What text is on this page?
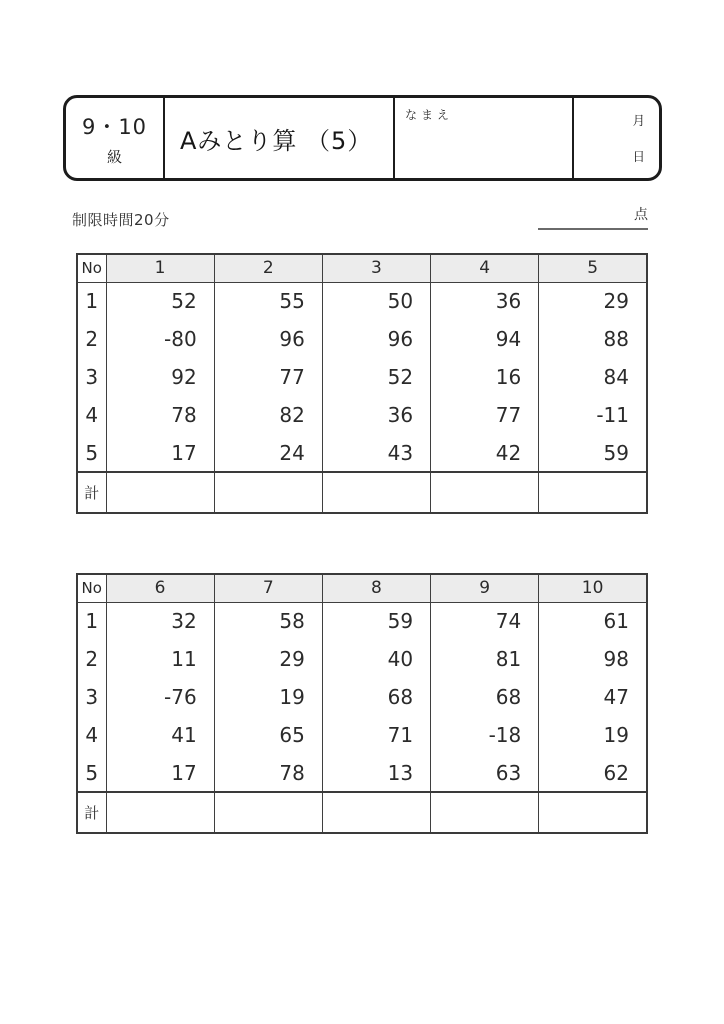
9・10
級
Aみとり算 （5）
なまえ	月
日
制限時間20分	点
No	1	2	3	4	5
1	52	55	50	36	29
2	-80	96	96	94	88
3	92	77	52	16	84
4	78	82	36	77	-11
5	17	24	43	42	59
計					
No	6	7	8	9	10
1	32	58	59	74	61
2	11	29	40	81	98
3	-76	19	68	68	47
4	41	65	71	-18	19
5	17	78	13	63	62
計					
